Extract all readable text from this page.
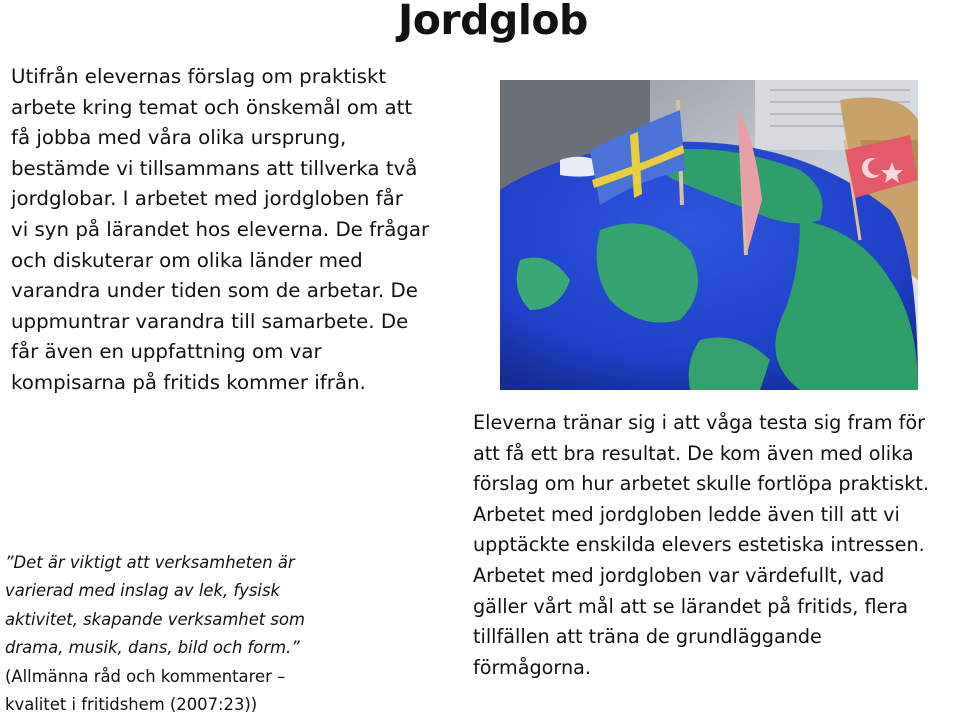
Jordglob
Utifrån elevernas förslag om praktiskt
arbete kring temat och önskemål om att
få jobba med våra olika ursprung,
bestämde vi tillsammans att tillverka två
jordglobar. I arbetet med jordgloben får
vi syn på lärandet hos eleverna. De frågar
och diskuterar om olika länder med
varandra under tiden som de arbetar. De
uppmuntrar varandra till samarbete. De
får även en uppfattning om var
kompisarna på fritids kommer ifrån.
Eleverna tränar sig i att våga testa sig fram för
att få ett bra resultat. De kom även med olika
förslag om hur arbetet skulle fortlöpa praktiskt.
Arbetet med jordgloben ledde även till att vi
upptäckte enskilda elevers estetiska intressen.
Arbetet med jordgloben var värdefullt, vad
gäller vårt mål att se lärandet på fritids, flera
tillfällen att träna de grundläggande
förmågorna.
”Det är viktigt att verksamheten är
varierad med inslag av lek, fysisk
aktivitet, skapande verksamhet som
drama, musik, dans, bild och form.”
(Allmänna råd och kommentarer –
kvalitet i fritidshem (2007:23))
